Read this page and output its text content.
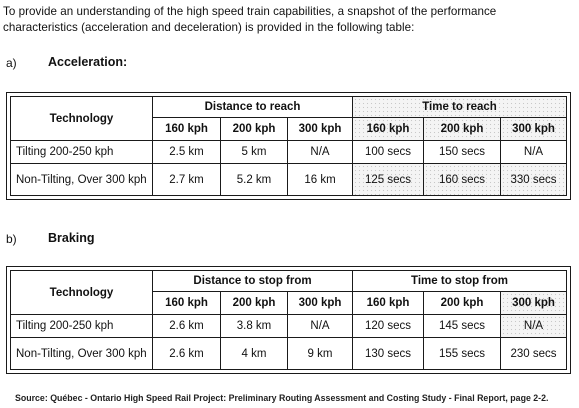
To provide an understanding of the high speed train capabilities, a snapshot of the performance
characteristics (acceleration and deceleration) is provided in the following table:
a)	Acceleration:
Technology	Distance to reach			Time to reach		
	160 kph	200 kph	300 kph	160 kph	200 kph	300 kph
Tilting 200-250 kph	2.5 km	5 km	N/A	100 secs	150 secs	N/A
Non-Tilting, Over 300 kph	2.7 km	5.2 km	16 km	125 secs	160 secs	330 secs
b)	Braking
Technology	Distance to stop from			Time to stop from		
	160 kph	200 kph	300 kph	160 kph	200 kph	300 kph
Tilting 200-250 kph	2.6 km	3.8 km	N/A	120 secs	145 secs	N/A
Non-Tilting, Over 300 kph	2.6 km	4 km	9 km	130 secs	155 secs	230 secs
Source: Québec - Ontario High Speed Rail Project: Preliminary Routing Assessment and Costing Study - Final Report, page 2-2.
